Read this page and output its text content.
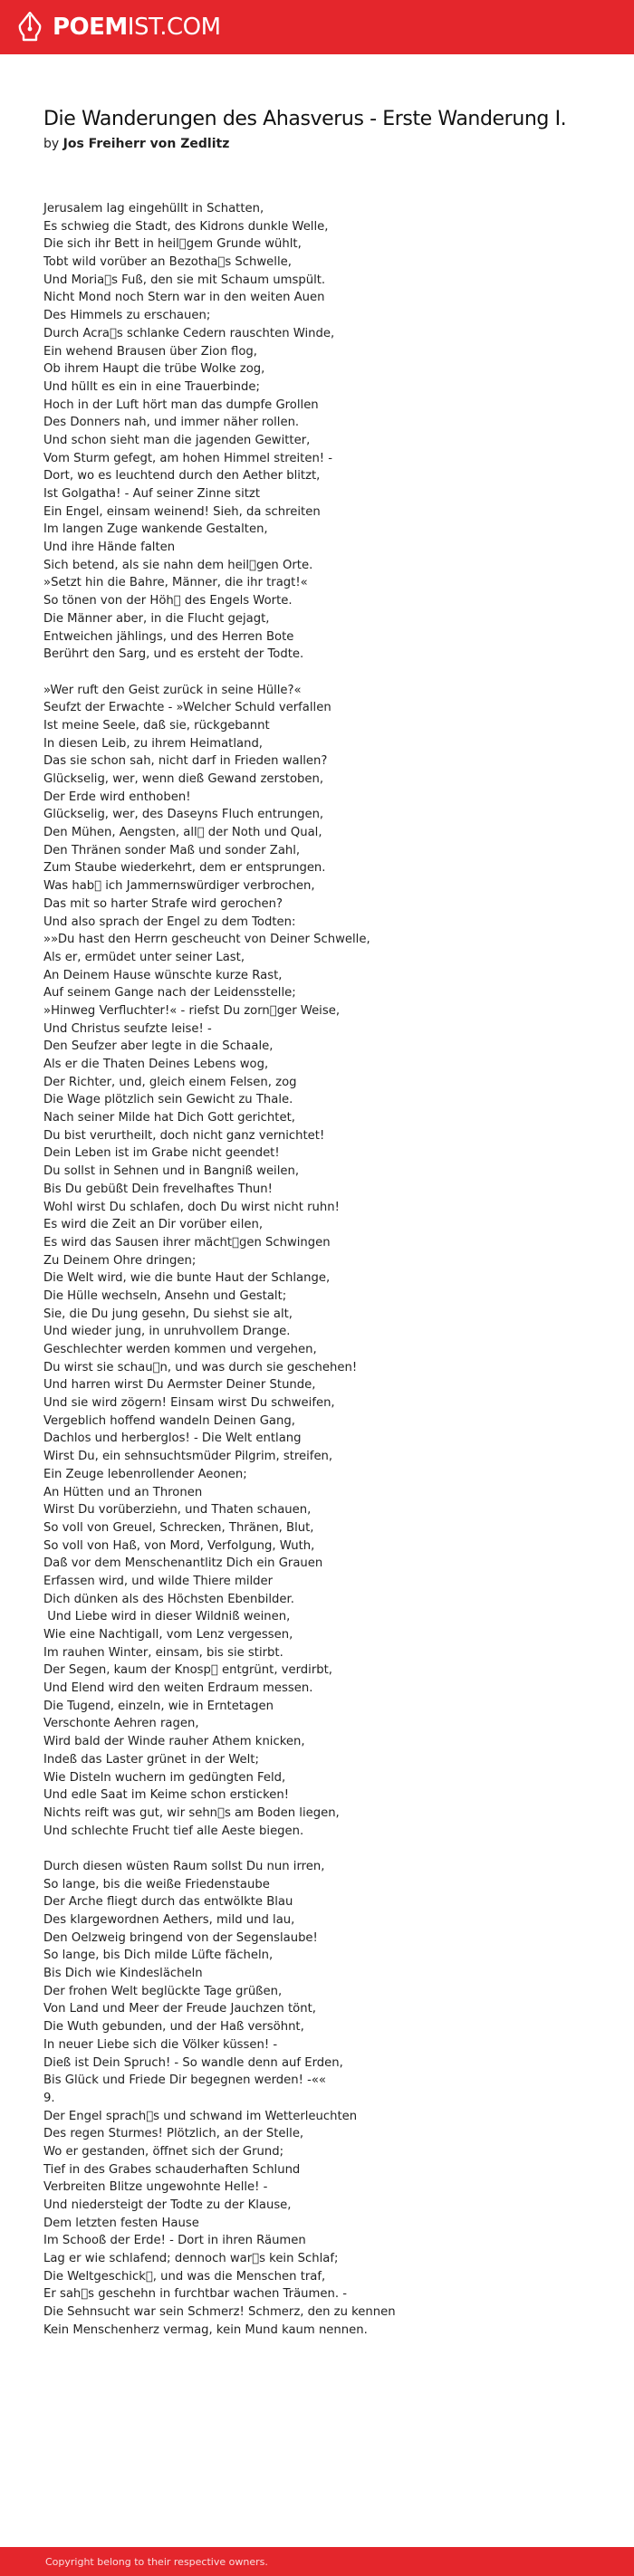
POEMIST.COM
Die Wanderungen des Ahasverus - Erste Wanderung I.
by Jos Freiherr von Zedlitz
Jerusalem lag eingehüllt in Schatten,
Es schwieg die Stadt, des Kidrons dunkle Welle,
Die sich ihr Bett in heil gem Grunde wühlt,
Tobt wild vorüber an Bezotha s Schwelle,
Und Moria s Fuß, den sie mit Schaum umspült.
Nicht Mond noch Stern war in den weiten Auen
Des Himmels zu erschauen;
Durch Acra s schlanke Cedern rauschten Winde,
Ein wehend Brausen über Zion flog,
Ob ihrem Haupt die trübe Wolke zog,
Und hüllt es ein in eine Trauerbinde;
Hoch in der Luft hört man das dumpfe Grollen
Des Donners nah, und immer näher rollen.
Und schon sieht man die jagenden Gewitter,
Vom Sturm gefegt, am hohen Himmel streiten! -
Dort, wo es leuchtend durch den Aether blitzt,
Ist Golgatha! - Auf seiner Zinne sitzt
Ein Engel, einsam weinend! Sieh, da schreiten
Im langen Zuge wankende Gestalten,
Und ihre Hände falten
Sich betend, als sie nahn dem heil gen Orte.
»Setzt hin die Bahre, Männer, die ihr tragt!«
So tönen von der Höh  des Engels Worte.
Die Männer aber, in die Flucht gejagt,
Entweichen jählings, und des Herren Bote
Berührt den Sarg, und es ersteht der Todte.
»Wer ruft den Geist zurück in seine Hülle?«
Seufzt der Erwachte - »Welcher Schuld verfallen
Ist meine Seele, daß sie, rückgebannt
In diesen Leib, zu ihrem Heimatland,
Das sie schon sah, nicht darf in Frieden wallen?
Glückselig, wer, wenn dieß Gewand zerstoben,
Der Erde wird enthoben!
Glückselig, wer, des Daseyns Fluch entrungen,
Den Mühen, Aengsten, all  der Noth und Qual,
Den Thränen sonder Maß und sonder Zahl,
Zum Staube wiederkehrt, dem er entsprungen.
Was hab  ich Jammernswürdiger verbrochen,
Das mit so harter Strafe wird gerochen?
Und also sprach der Engel zu dem Todten:
»»Du hast den Herrn gescheucht von Deiner Schwelle,
Als er, ermüdet unter seiner Last,
An Deinem Hause wünschte kurze Rast,
Auf seinem Gange nach der Leidensstelle;
»Hinweg Verfluchter!« - riefst Du zorn ger Weise,
Und Christus seufzte leise! -
Den Seufzer aber legte in die Schaale,
Als er die Thaten Deines Lebens wog,
Der Richter, und, gleich einem Felsen, zog
Die Wage plötzlich sein Gewicht zu Thale.
Nach seiner Milde hat Dich Gott gerichtet,
Du bist verurtheilt, doch nicht ganz vernichtet!
Dein Leben ist im Grabe nicht geendet!
Du sollst in Sehnen und in Bangniß weilen,
Bis Du gebüßt Dein frevelhaftes Thun!
Wohl wirst Du schlafen, doch Du wirst nicht ruhn!
Es wird die Zeit an Dir vorüber eilen,
Es wird das Sausen ihrer mächt gen Schwingen
Zu Deinem Ohre dringen;
Die Welt wird, wie die bunte Haut der Schlange,
Die Hülle wechseln, Ansehn und Gestalt;
Sie, die Du jung gesehn, Du siehst sie alt,
Und wieder jung, in unruhvollem Drange.
Geschlechter werden kommen und vergehen,
Du wirst sie schau n, und was durch sie geschehen!
Und harren wirst Du Aermster Deiner Stunde,
Und sie wird zögern! Einsam wirst Du schweifen,
Vergeblich hoffend wandeln Deinen Gang,
Dachlos und herberglos! - Die Welt entlang
Wirst Du, ein sehnsuchtsmüder Pilgrim, streifen,
Ein Zeuge lebenrollender Aeonen;
An Hütten und an Thronen
Wirst Du vorüberziehn, und Thaten schauen,
So voll von Greuel, Schrecken, Thränen, Blut,
So voll von Haß, von Mord, Verfolgung, Wuth,
Daß vor dem Menschenantlitz Dich ein Grauen
Erfassen wird, und wilde Thiere milder
Dich dünken als des Höchsten Ebenbilder.
Und Liebe wird in dieser Wildniß weinen,
Wie eine Nachtigall, vom Lenz vergessen,
Im rauhen Winter, einsam, bis sie stirbt.
Der Segen, kaum der Knosp  entgrünt, verdirbt,
Und Elend wird den weiten Erdraum messen.
Die Tugend, einzeln, wie in Erntetagen
Verschonte Aehren ragen,
Wird bald der Winde rauher Athem knicken,
Indeß das Laster grünet in der Welt;
Wie Disteln wuchern im gedüngten Feld,
Und edle Saat im Keime schon ersticken!
Nichts reift was gut, wir sehn s am Boden liegen,
Und schlechte Frucht tief alle Aeste biegen.
Durch diesen wüsten Raum sollst Du nun irren,
So lange, bis die weiße Friedenstaube
Der Arche fliegt durch das entwölkte Blau
Des klargewordnen Aethers, mild und lau,
Den Oelzweig bringend von der Segenslaube!
So lange, bis Dich milde Lüfte fächeln,
Bis Dich wie Kindeslächeln
Der frohen Welt beglückte Tage grüßen,
Von Land und Meer der Freude Jauchzen tönt,
Die Wuth gebunden, und der Haß versöhnt,
In neuer Liebe sich die Völker küssen! -
Dieß ist Dein Spruch! - So wandle denn auf Erden,
Bis Glück und Friede Dir begegnen werden! -««
9.
Der Engel sprach s und schwand im Wetterleuchten
Des regen Sturmes! Plötzlich, an der Stelle,
Wo er gestanden, öffnet sich der Grund;
Tief in des Grabes schauderhaften Schlund
Verbreiten Blitze ungewohnte Helle! -
Und niedersteigt der Todte zu der Klause,
Dem letzten festen Hause
Im Schooß der Erde! - Dort in ihren Räumen
Lag er wie schlafend; dennoch war s kein Schlaf;
Die Weltgeschick , und was die Menschen traf,
Er sah s geschehn in furchtbar wachen Träumen. -
Die Sehnsucht war sein Schmerz! Schmerz, den zu kennen
Kein Menschenherz vermag, kein Mund kaum nennen.
Copyright belong to their respective owners.
